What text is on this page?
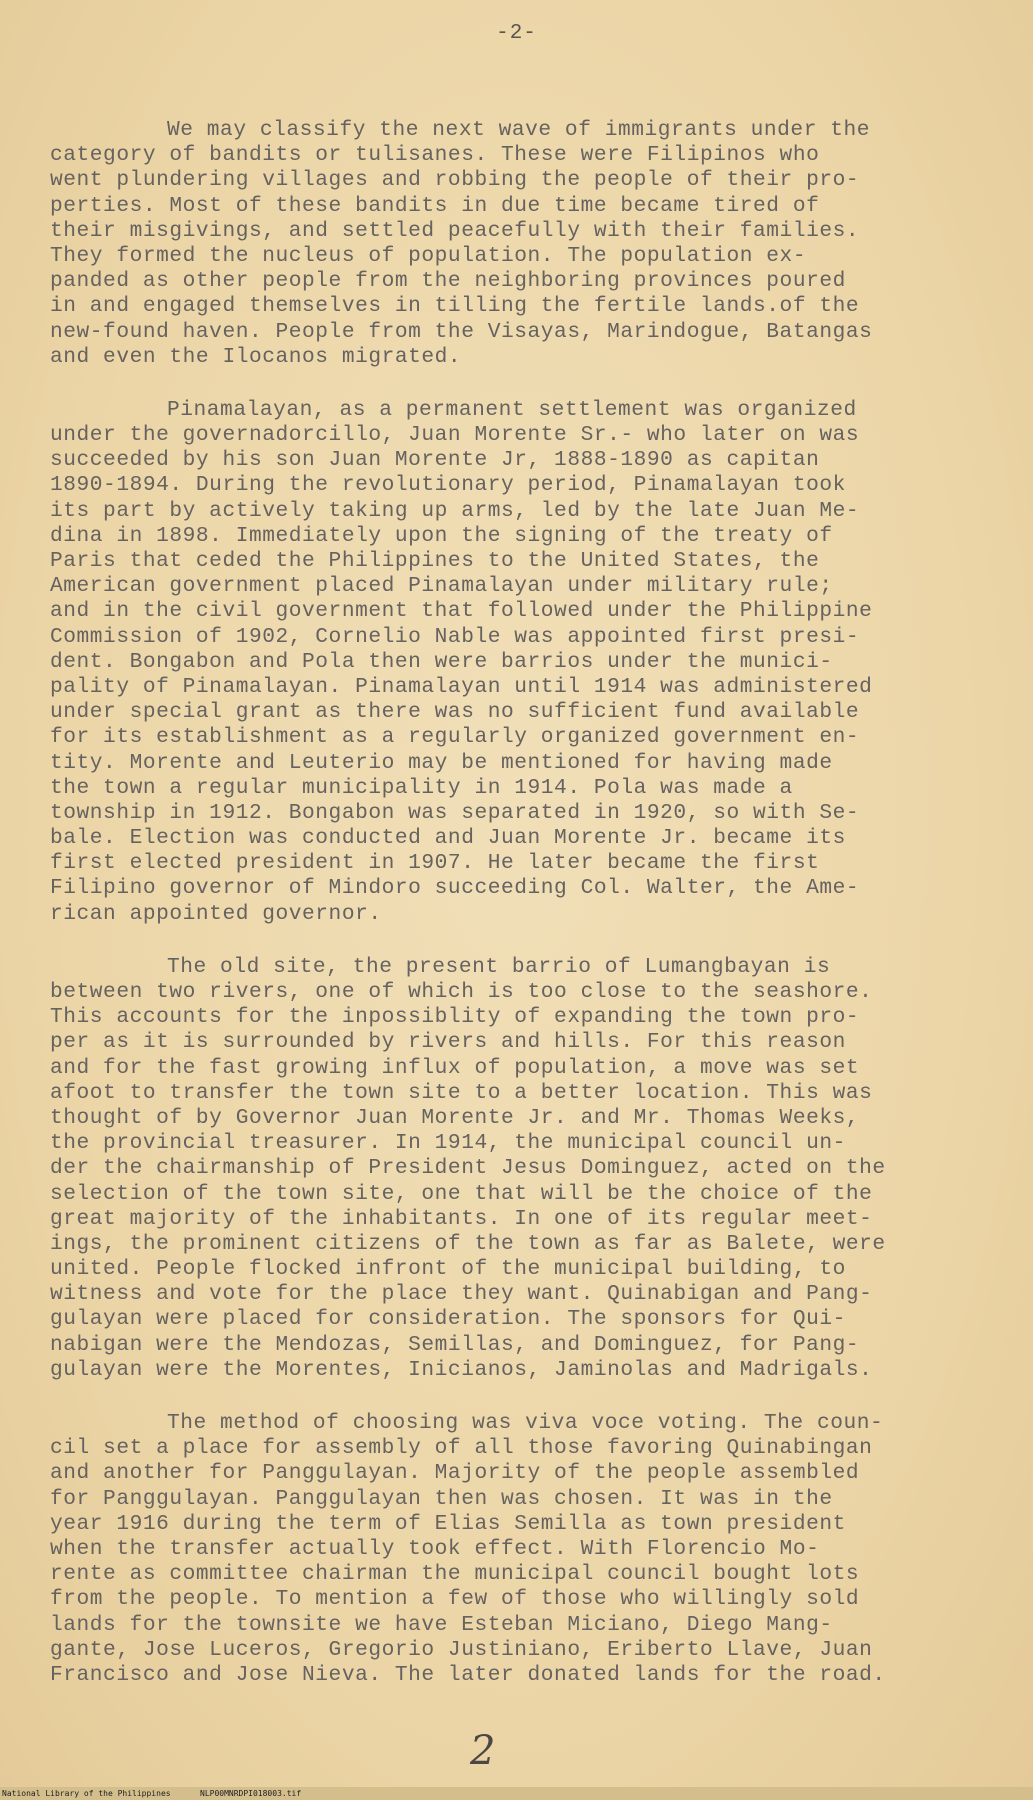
-2-
We may classify the next wave of immigrants under the
category of bandits or tulisanes. These were Filipinos who
went plundering villages and robbing the people of their pro-
perties. Most of these bandits in due time became tired of
their misgivings, and settled peacefully with their families.
They formed the nucleus of population. The population ex-
panded as other people from the neighboring provinces poured
in and engaged themselves in tilling the fertile lands.of the
new-found haven. People from the Visayas, Marindogue, Batangas
and even the Ilocanos migrated.
Pinamalayan, as a permanent settlement was organized
under the governadorcillo, Juan Morente Sr.- who later on was
succeeded by his son Juan Morente Jr, 1888-1890 as capitan
1890-1894. During the revolutionary period, Pinamalayan took
its part by actively taking up arms, led by the late Juan Me-
dina in 1898. Immediately upon the signing of the treaty of
Paris that ceded the Philippines to the United States, the
American government placed Pinamalayan under military rule;
and in the civil government that followed under the Philippine
Commission of 1902, Cornelio Nable was appointed first presi-
dent. Bongabon and Pola then were barrios under the munici-
pality of Pinamalayan. Pinamalayan until 1914 was administered
under special grant as there was no sufficient fund available
for its establishment as a regularly organized government en-
tity. Morente and Leuterio may be mentioned for having made
the town a regular municipality in 1914. Pola was made a
township in 1912. Bongabon was separated in 1920, so with Se-
bale. Election was conducted and Juan Morente Jr. became its
first elected president in 1907. He later became the first
Filipino governor of Mindoro succeeding Col. Walter, the Ame-
rican appointed governor.
The old site, the present barrio of Lumangbayan is
between two rivers, one of which is too close to the seashore.
This accounts for the inpossiblity of expanding the town pro-
per as it is surrounded by rivers and hills. For this reason
and for the fast growing influx of population, a move was set
afoot to transfer the town site to a better location. This was
thought of by Governor Juan Morente Jr. and Mr. Thomas Weeks,
the provincial treasurer. In 1914, the municipal council un-
der the chairmanship of President Jesus Dominguez, acted on the
selection of the town site, one that will be the choice of the
great majority of the inhabitants. In one of its regular meet-
ings, the prominent citizens of the town as far as Balete, were
united. People flocked infront of the municipal building, to
witness and vote for the place they want. Quinabigan and Pang-
gulayan were placed for consideration. The sponsors for Qui-
nabigan were the Mendozas, Semillas, and Dominguez, for Pang-
gulayan were the Morentes, Inicianos, Jaminolas and Madrigals.
The method of choosing was viva voce voting. The coun-
cil set a place for assembly of all those favoring Quinabingan
and another for Panggulayan. Majority of the people assembled
for Panggulayan. Panggulayan then was chosen. It was in the
year 1916 during the term of Elias Semilla as town president
when the transfer actually took effect. With Florencio Mo-
rente as committee chairman the municipal council bought lots
from the people. To mention a few of those who willingly sold
lands for the townsite we have Esteban Miciano, Diego Mang-
gante, Jose Luceros, Gregorio Justiniano, Eriberto Llave, Juan
Francisco and Jose Nieva. The later donated lands for the road.
2
National Library of the Philippines	NLP00MNRDPI018003.tif
